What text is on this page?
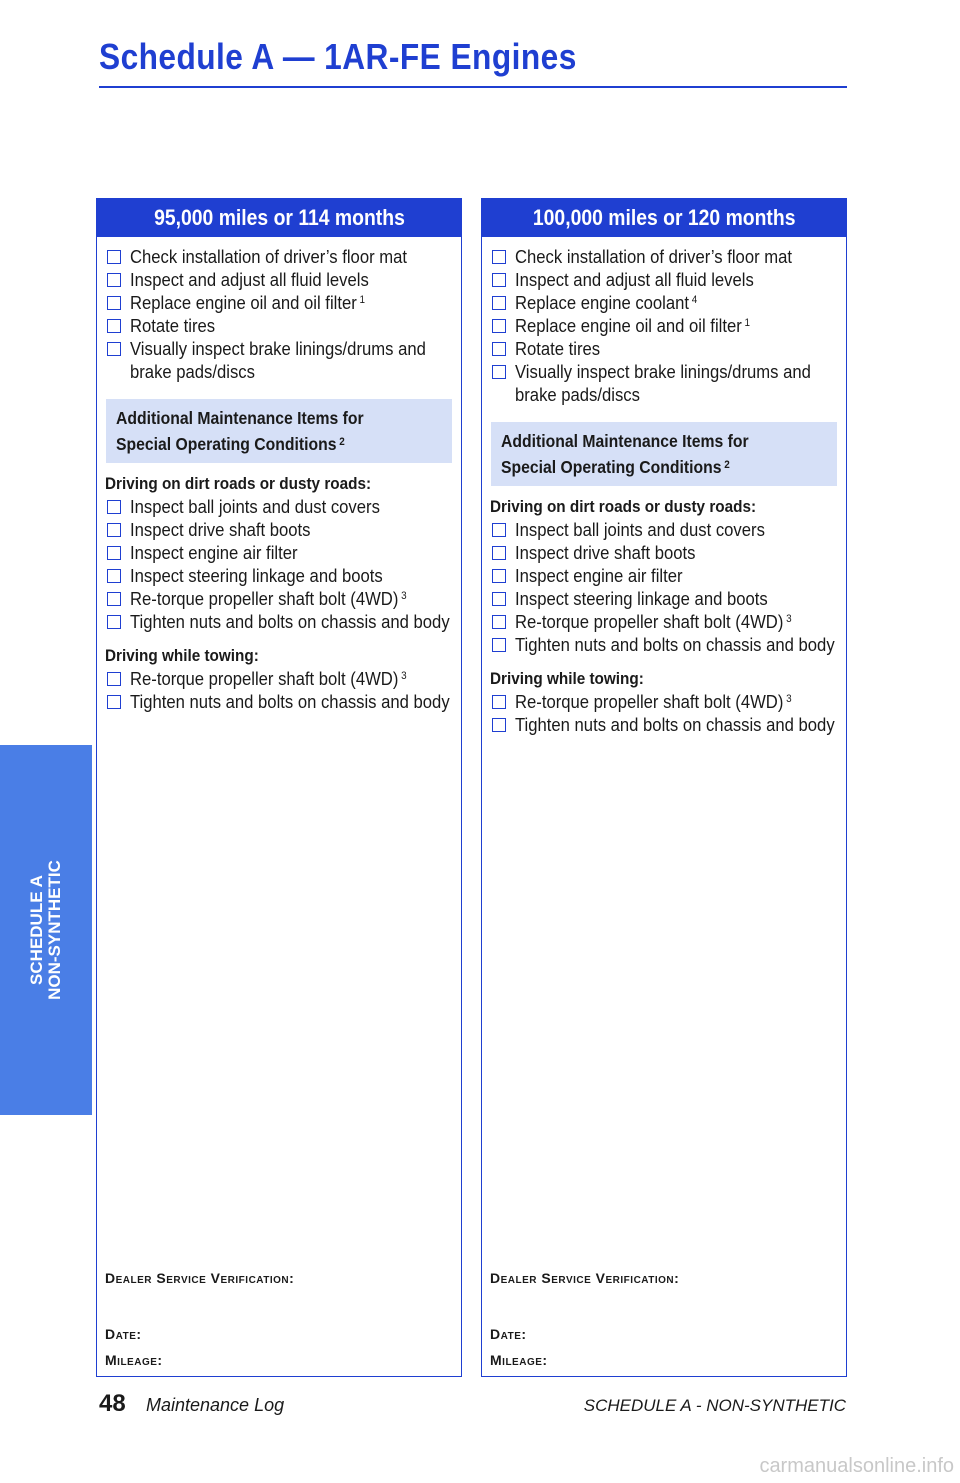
Schedule A — 1AR-FE Engines
SCHEDULE A NON-SYNTHETIC
95,000 miles or 114 months
Check installation of driver’s floor mat
Inspect and adjust all fluid levels
Replace engine oil and oil filter $^1$
Rotate tires
Visually inspect brake linings/drums and brake pads/discs
Additional Maintenance Items for
Special Operating Conditions $^2$
Driving on dirt roads or dusty roads:
Inspect ball joints and dust covers
Inspect drive shaft boots
Inspect engine air filter
Inspect steering linkage and boots
Re-torque propeller shaft bolt (4WD) $^3$
Tighten nuts and bolts on chassis and body
Driving while towing:
Re-torque propeller shaft bolt (4WD) $^3$
Tighten nuts and bolts on chassis and body
Dealer Service Verification:
Date:
Mileage:
100,000 miles or 120 months
Check installation of driver’s floor mat
Inspect and adjust all fluid levels
Replace engine coolant $^4$
Replace engine oil and oil filter $^1$
Rotate tires
Visually inspect brake linings/drums and brake pads/discs
Additional Maintenance Items for
Special Operating Conditions $^2$
Driving on dirt roads or dusty roads:
Inspect ball joints and dust covers
Inspect drive shaft boots
Inspect engine air filter
Inspect steering linkage and boots
Re-torque propeller shaft bolt (4WD) $^3$
Tighten nuts and bolts on chassis and body
Driving while towing:
Re-torque propeller shaft bolt (4WD) $^3$
Tighten nuts and bolts on chassis and body
Dealer Service Verification:
Date:
Mileage:
48 Maintenance Log	SCHEDULE A - NON-SYNTHETIC
carmanualsonline.info
